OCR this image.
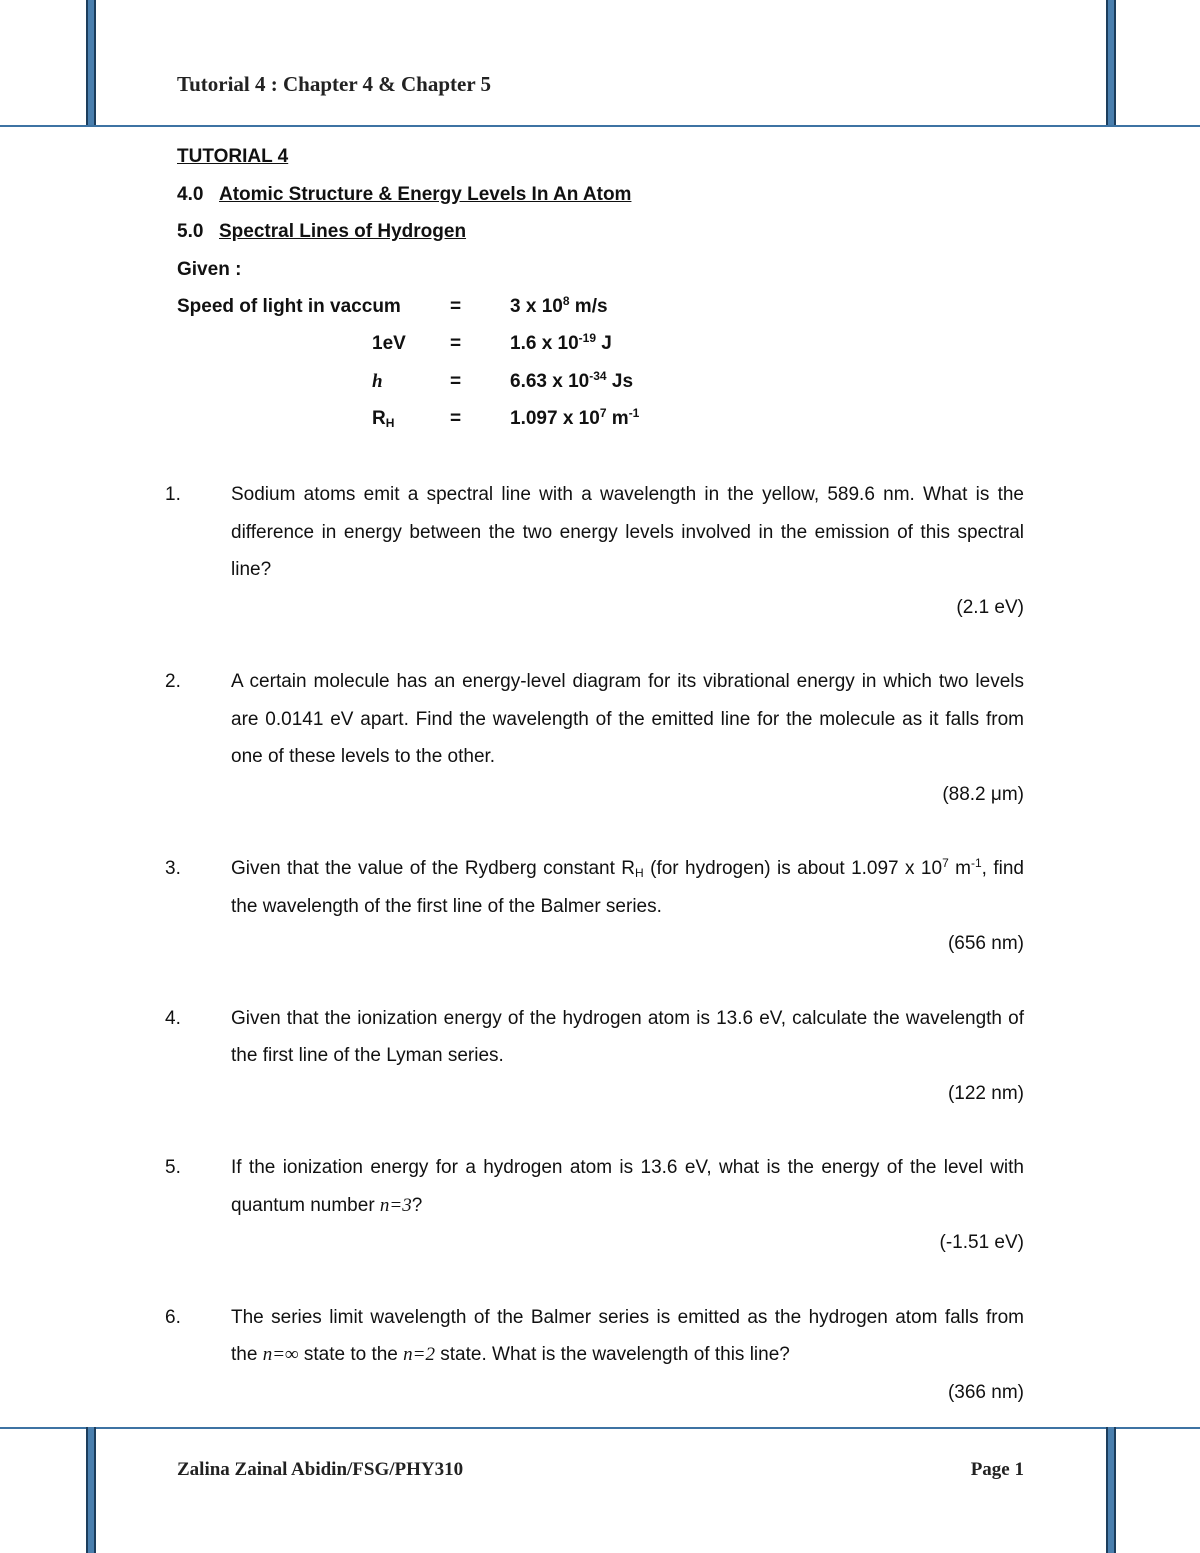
Tutorial 4 : Chapter 4 & Chapter 5
TUTORIAL 4
4.0 Atomic Structure & Energy Levels In An Atom
5.0 Spectral Lines of Hydrogen
Given :
Speed of light in vaccum	=	3 x $10^8$ m/s
1eV	=	1.6 x $10^{-19}$ J
h	=	6.63 x $10^{-34}$ Js
$R_H$	=	1.097 x $10^7$ $m^{-1}$
1.	Sodium atoms emit a spectral line with a wavelength in the yellow, 589.6 nm. What is the difference in energy between the two energy levels involved in the emission of this spectral line?
(2.1 eV)
2.	A certain molecule has an energy-level diagram for its vibrational energy in which two levels are 0.0141 eV apart. Find the wavelength of the emitted line for the molecule as it falls from one of these levels to the other.
(88.2 μm)
3.	Given that the value of the Rydberg constant $R_H$ (for hydrogen) is about 1.097 x $10^7$ $m^{-1}$, find the wavelength of the first line of the Balmer series.
(656 nm)
4.	Given that the ionization energy of the hydrogen atom is 13.6 eV, calculate the wavelength of the first line of the Lyman series.
(122 nm)
5.	If the ionization energy for a hydrogen atom is 13.6 eV, what is the energy of the level with quantum number n=3?
(-1.51 eV)
6.	The series limit wavelength of the Balmer series is emitted as the hydrogen atom falls from the n=∞ state to the n=2 state. What is the wavelength of this line?
(366 nm)
Zalina Zainal Abidin/FSG/PHY310	Page 1
